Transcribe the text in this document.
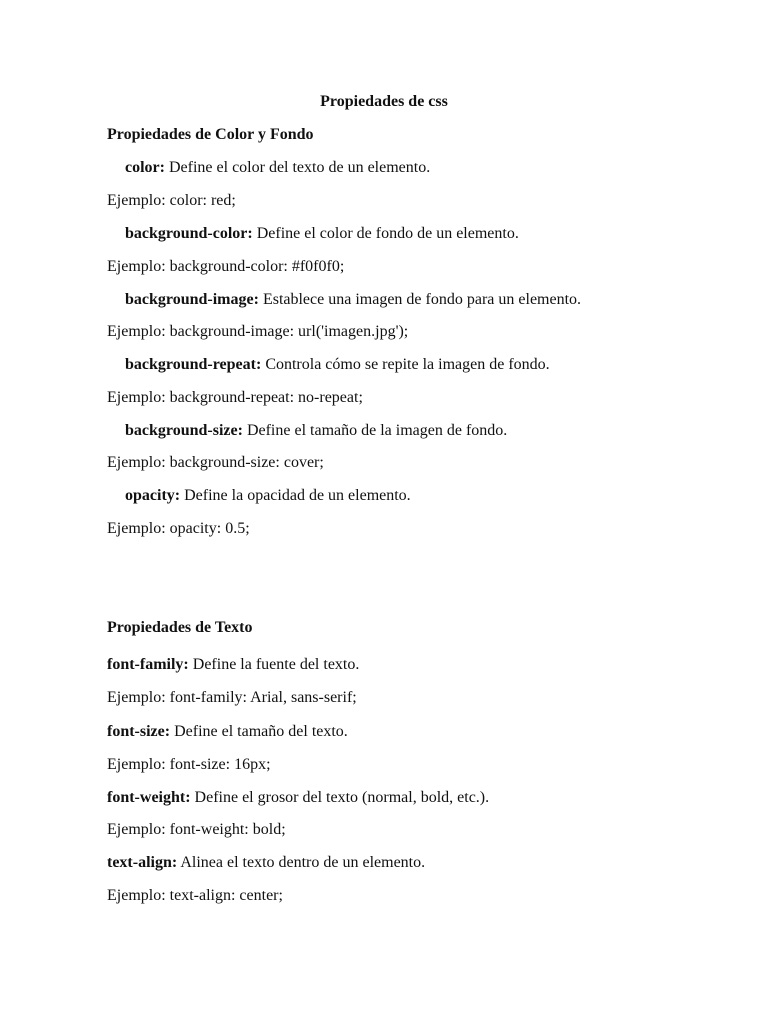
Propiedades de css
Propiedades de Color y Fondo
color: Define el color del texto de un elemento.
Ejemplo: color: red;
background-color: Define el color de fondo de un elemento.
Ejemplo: background-color: #f0f0f0;
background-image: Establece una imagen de fondo para un elemento.
Ejemplo: background-image: url('imagen.jpg');
background-repeat: Controla cómo se repite la imagen de fondo.
Ejemplo: background-repeat: no-repeat;
background-size: Define el tamaño de la imagen de fondo.
Ejemplo: background-size: cover;
opacity: Define la opacidad de un elemento.
Ejemplo: opacity: 0.5;
Propiedades de Texto
font-family: Define la fuente del texto.
Ejemplo: font-family: Arial, sans-serif;
font-size: Define el tamaño del texto.
Ejemplo: font-size: 16px;
font-weight: Define el grosor del texto (normal, bold, etc.).
Ejemplo: font-weight: bold;
text-align: Alinea el texto dentro de un elemento.
Ejemplo: text-align: center;
